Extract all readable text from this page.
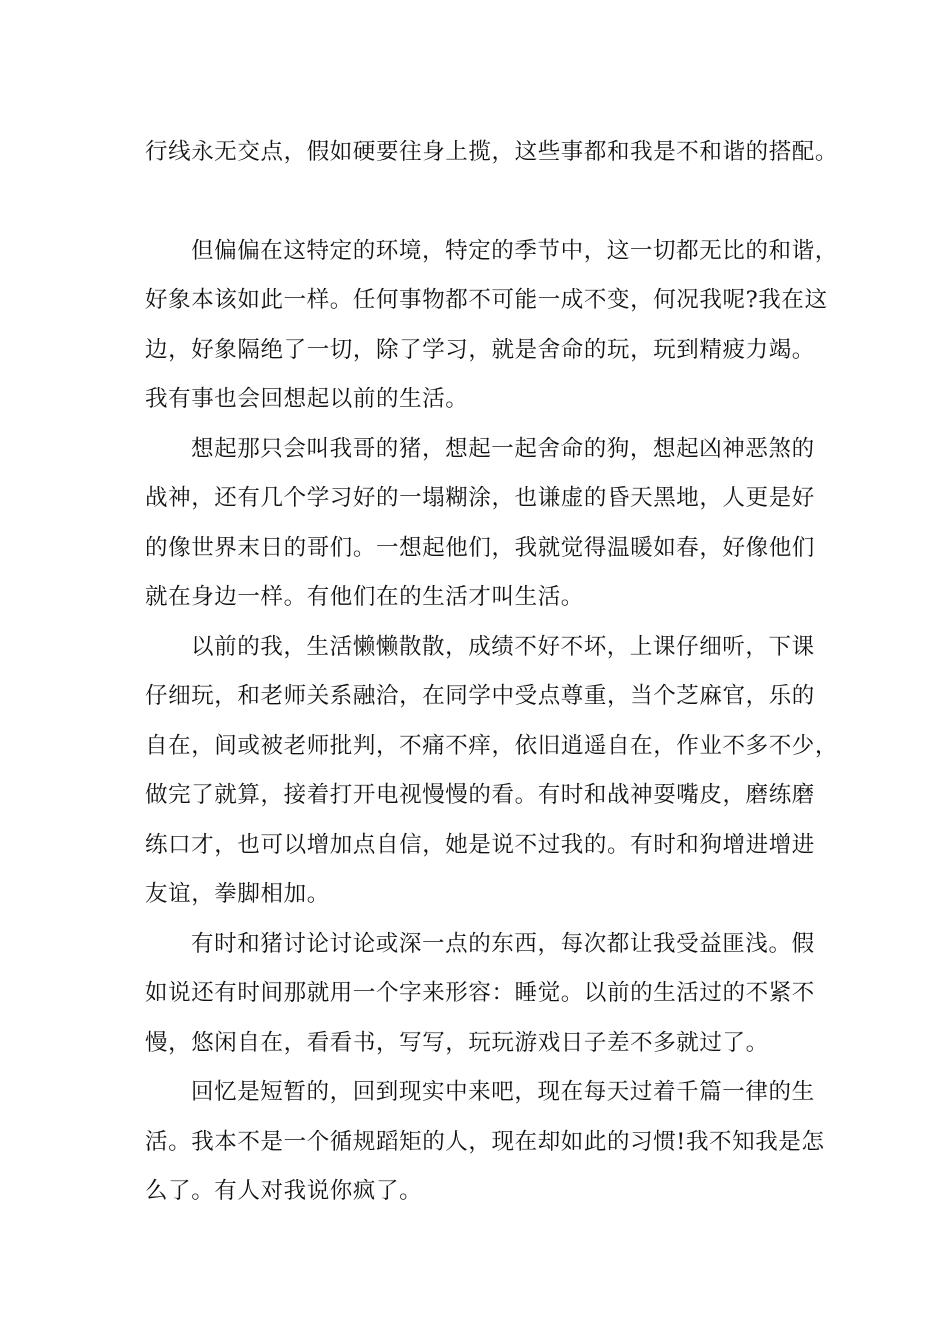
行线永无交点，假如硬要往身上揽，这些事都和我是不和谐的搭配。
但偏偏在这特定的环境，特定的季节中，这一切都无比的和谐，
好象本该如此一样。任何事物都不可能一成不变，何况我呢?我在这
边，好象隔绝了一切，除了学习，就是舍命的玩，玩到精疲力竭。
我有事也会回想起以前的生活。
想起那只会叫我哥的猪，想起一起舍命的狗，想起凶神恶煞的
战神，还有几个学习好的一塌糊涂，也谦虚的昏天黑地，人更是好
的像世界末日的哥们。一想起他们，我就觉得温暖如春，好像他们
就在身边一样。有他们在的生活才叫生活。
以前的我，生活懒懒散散，成绩不好不坏，上课仔细听，下课
仔细玩，和老师关系融洽，在同学中受点尊重，当个芝麻官，乐的
自在，间或被老师批判，不痛不痒，依旧逍遥自在，作业不多不少，
做完了就算，接着打开电视慢慢的看。有时和战神耍嘴皮，磨练磨
练口才，也可以增加点自信，她是说不过我的。有时和狗增进增进
友谊，拳脚相加。
有时和猪讨论讨论或深一点的东西，每次都让我受益匪浅。假
如说还有时间那就用一个字来形容：睡觉。以前的生活过的不紧不
慢，悠闲自在，看看书，写写，玩玩游戏日子差不多就过了。
回忆是短暂的，回到现实中来吧，现在每天过着千篇一律的生
活。我本不是一个循规蹈矩的人，现在却如此的习惯!我不知我是怎
么了。有人对我说你疯了。
